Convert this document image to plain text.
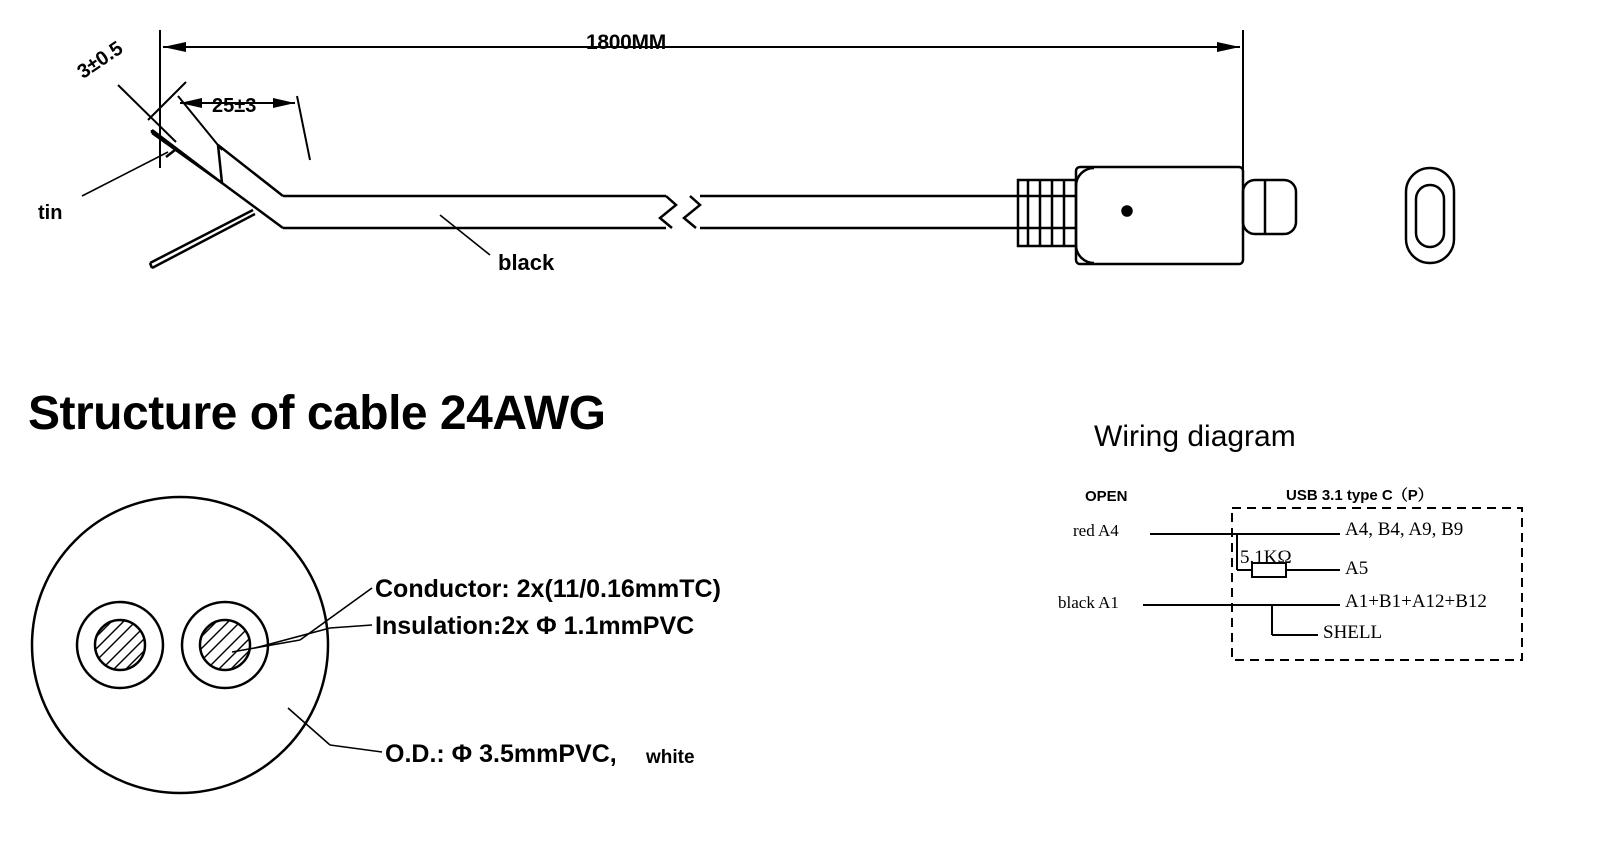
1800MM
3±0.5
25±3
tin
black
Structure of cable 24AWG
Conductor: 2x(11/0.16mmTC)
Insulation:2x Φ 1.1mmPVC
O.D.: Φ 3.5mmPVC, white
Wiring diagram
OPEN	USB 3.1 type C（P）
red A4	A4, B4, A9, B9
5.1KΩ
A5
black A1	A1+B1+A12+B12
SHELL
